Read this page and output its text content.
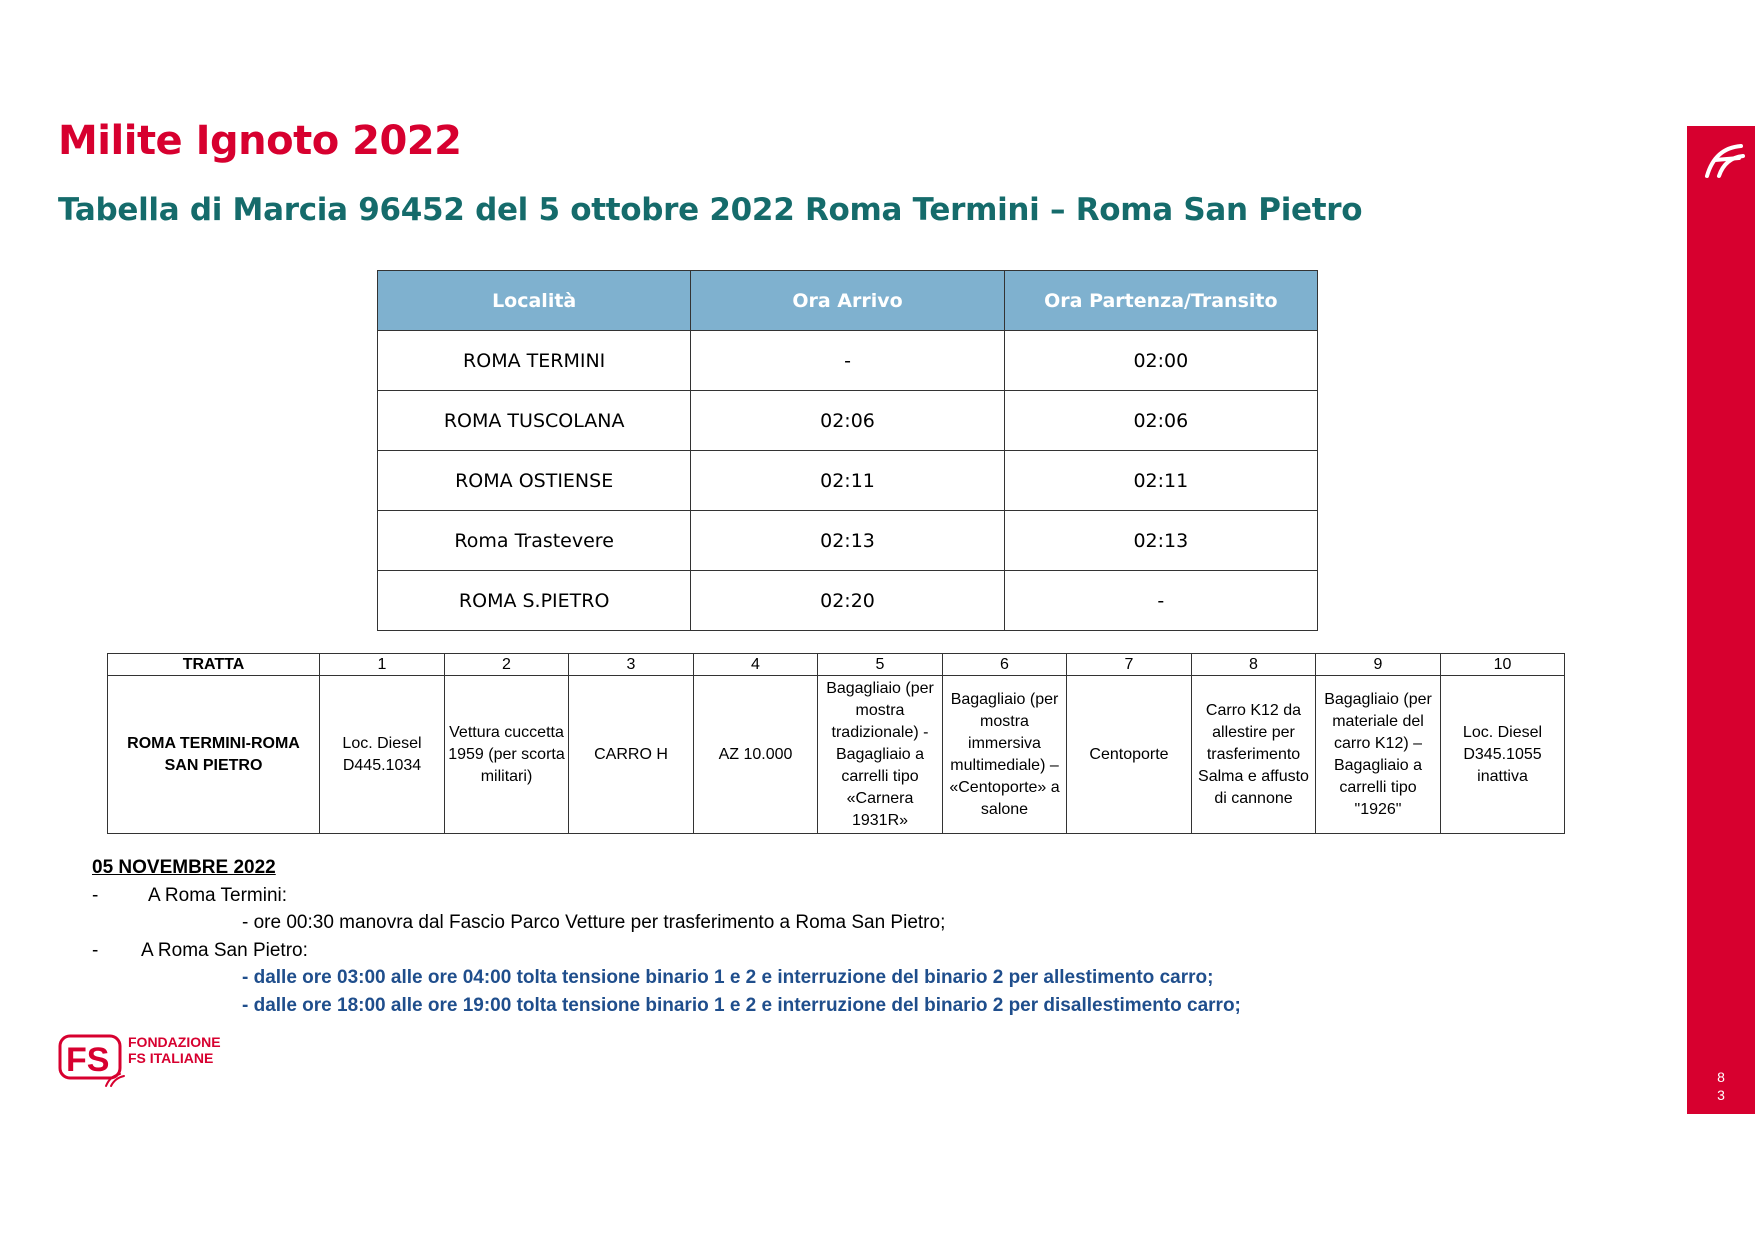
Milite Ignoto 2022
Tabella di Marcia 96452 del 5 ottobre 2022 Roma Termini – Roma San Pietro
8
3
Località	Ora Arrivo	Ora Partenza/Transito
ROMA TERMINI	-	02:00
ROMA TUSCOLANA	02:06	02:06
ROMA OSTIENSE	02:11	02:11
Roma Trastevere	02:13	02:13
ROMA S.PIETRO	02:20	-
TRATTA	1	2	3	4	5	6	7	8	9	10
ROMA TERMINI-ROMA SAN PIETRO	Loc. Diesel D445.1034	Vettura cuccetta 1959 (per scorta militari)	CARRO H	AZ 10.000	Bagagliaio (per mostra tradizionale) - Bagagliaio a carrelli tipo «Carnera 1931R»	Bagagliaio (per mostra immersiva multimediale) – «Centoporte» a salone	Centoporte	Carro K12 da allestire per trasferimento Salma e affusto di cannone	Bagagliaio (per materiale del carro K12) – Bagagliaio a carrelli tipo "1926"	Loc. Diesel D345.1055 inattiva
05 NOVEMBRE 2022
-	A Roma Termini:
- ore 00:30 manovra dal Fascio Parco Vetture per trasferimento a Roma San Pietro;
- A Roma San Pietro:
- dalle ore 03:00 alle ore 04:00 tolta tensione binario 1 e 2 e interruzione del binario 2 per allestimento carro;
- dalle ore 18:00 alle ore 19:00 tolta tensione binario 1 e 2 e interruzione del binario 2 per disallestimento carro;
FS FONDAZIONE
FS ITALIANE
